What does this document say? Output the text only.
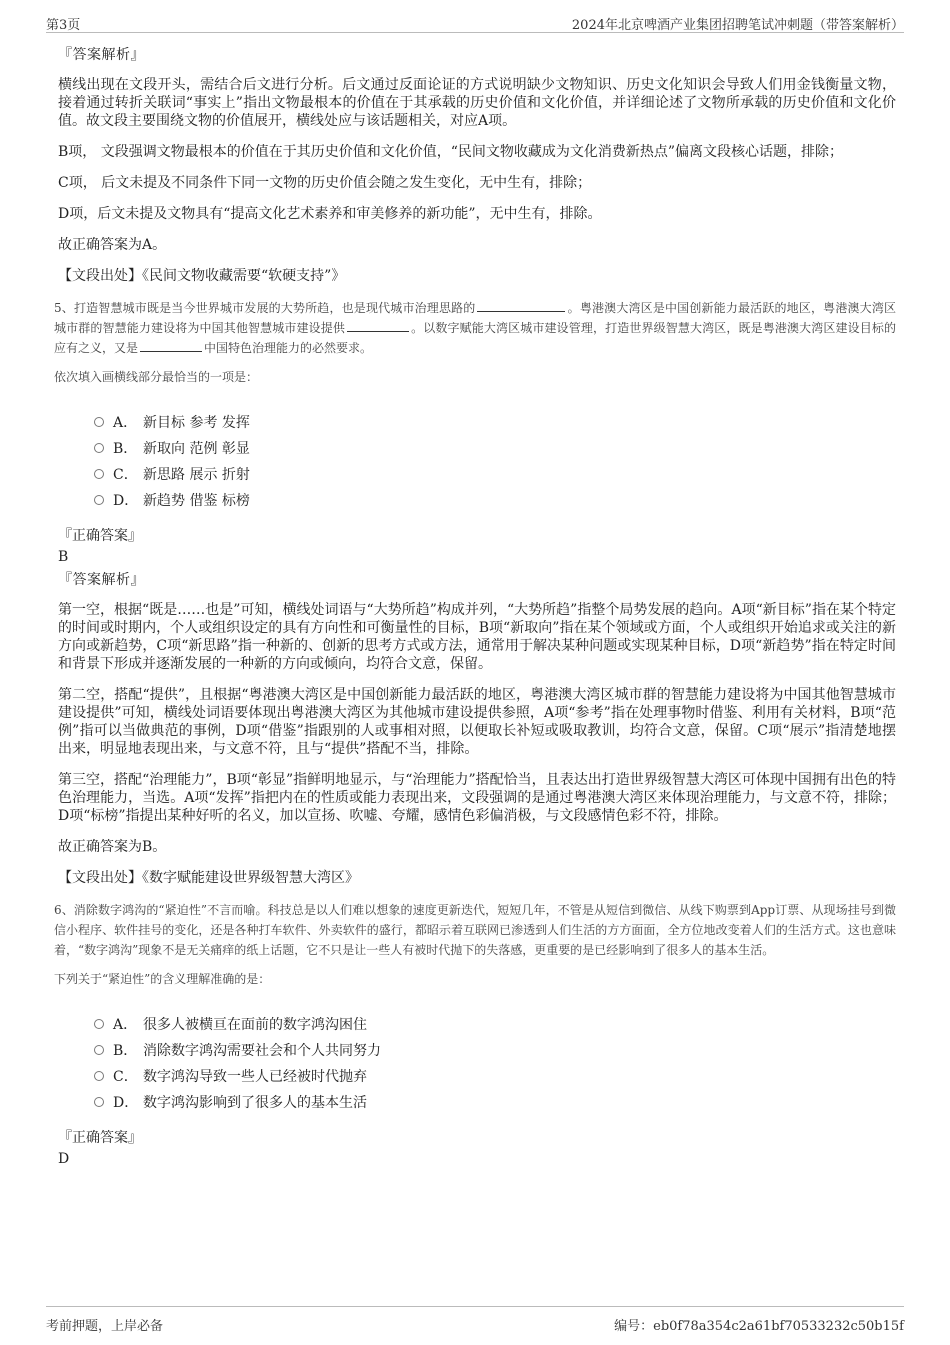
第3页	2024年北京啤酒产业集团招聘笔试冲刺题（带答案解析）
『答案解析』

横线出现在文段开头，需结合后文进行分析。后文通过反面论证的方式说明缺少文物知识、历史文化知识会导致人们用金钱衡量文物，接着通过转折关联词“事实上”指出文物最根本的价值在于其承载的历史价值和文化价值，并详细论述了文物所承载的历史价值和文化价值。故文段主要围绕文物的价值展开，横线处应与该话题相关，对应A项。

B项， 文段强调文物最根本的价值在于其历史价值和文化价值，“民间文物收藏成为文化消费新热点”偏离文段核心话题，排除；

C项， 后文未提及不同条件下同一文物的历史价值会随之发生变化，无中生有，排除；

D项，后文未提及文物具有“提高文化艺术素养和审美修养的新功能”，无中生有，排除。

故正确答案为A。

【文段出处】《民间文物收藏需要“软硬支持”》

5、打造智慧城市既是当今世界城市发展的大势所趋，也是现代城市治理思路的	。粤港澳大湾区是中国创新能力最活跃的地区，粤港澳大湾区城市群的智慧能力建设将为中国其他智慧城市建设提供	。以数字赋能大湾区城市建设管理，打造世界级智慧大湾区，既是粤港澳大湾区建设目标的应有之义，又是	中国特色治理能力的必然要求。

依次填入画横线部分最恰当的一项是：

A． 新目标 参考 发挥
B． 新取向 范例 彰显
C． 新思路 展示 折射
D． 新趋势 借鉴 标榜
『正确答案』
B
『答案解析』

第一空，根据“既是……也是”可知，横线处词语与“大势所趋”构成并列，“大势所趋”指整个局势发展的趋向。A项“新目标”指在某个特定的时间或时期内，个人或组织设定的具有方向性和可衡量性的目标，B项“新取向”指在某个领域或方面，个人或组织开始追求或关注的新方向或新趋势，C项“新思路”指一种新的、创新的思考方式或方法，通常用于解决某种问题或实现某种目标，D项“新趋势”指在特定时间和背景下形成并逐渐发展的一种新的方向或倾向，均符合文意，保留。

第二空，搭配“提供”，且根据“粤港澳大湾区是中国创新能力最活跃的地区，粤港澳大湾区城市群的智慧能力建设将为中国其他智慧城市建设提供”可知，横线处词语要体现出粤港澳大湾区为其他城市建设提供参照，A项“参考”指在处理事物时借鉴、利用有关材料，B项“范例”指可以当做典范的事例，D项“借鉴”指跟别的人或事相对照，以便取长补短或吸取教训，均符合文意，保留。C项“展示”指清楚地摆出来，明显地表现出来，与文意不符，且与“提供”搭配不当，排除。

第三空，搭配“治理能力”，B项“彰显”指鲜明地显示，与“治理能力”搭配恰当，且表达出打造世界级智慧大湾区可体现中国拥有出色的特色治理能力，当选。A项“发挥”指把内在的性质或能力表现出来，文段强调的是通过粤港澳大湾区来体现治理能力，与文意不符，排除；D项“标榜”指提出某种好听的名义，加以宣扬、吹嘘、夸耀，感情色彩偏消极，与文段感情色彩不符，排除。

故正确答案为B。

【文段出处】《数字赋能建设世界级智慧大湾区》

6、消除数字鸿沟的“紧迫性”不言而喻。科技总是以人们难以想象的速度更新迭代，短短几年，不管是从短信到微信、从线下购票到App订票、从现场挂号到微信小程序、软件挂号的变化，还是各种打车软件、外卖软件的盛行，都昭示着互联网已渗透到人们生活的方方面面，全方位地改变着人们的生活方式。这也意味着，“数字鸿沟”现象不是无关痛痒的纸上话题，它不只是让一些人有被时代抛下的失落感，更重要的是已经影响到了很多人的基本生活。

下列关于“紧迫性”的含义理解准确的是：

A． 很多人被横亘在面前的数字鸿沟困住
B． 消除数字鸿沟需要社会和个人共同努力
C． 数字鸿沟导致一些人已经被时代抛弃
D． 数字鸿沟影响到了很多人的基本生活
『正确答案』
D
考前押题，上岸必备	编号：eb0f78a354c2a61bf70533232c50b15f
